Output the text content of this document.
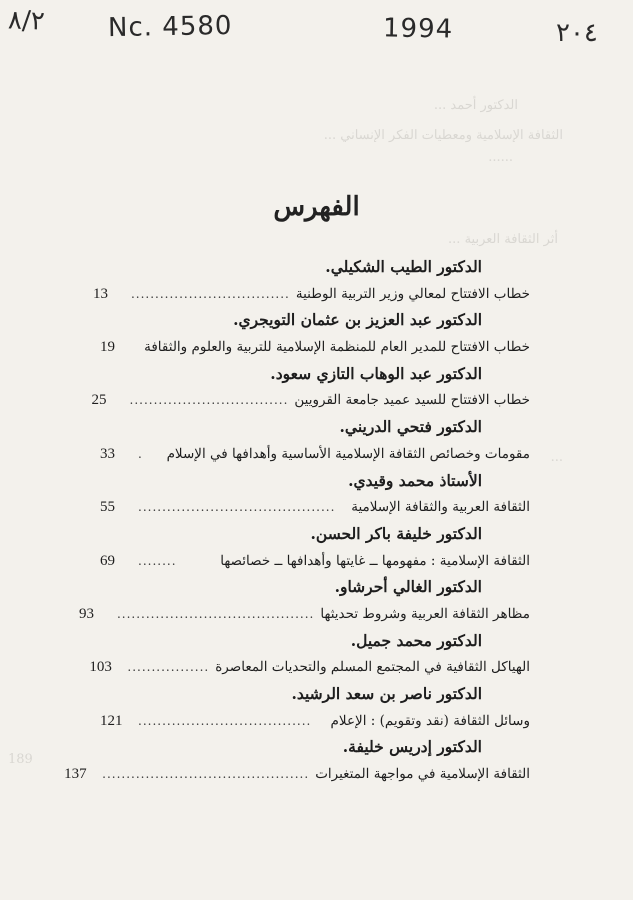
الدكتور أحمد ...
الثقافة الإسلامية ومعطيات الفكر الإنساني ...
......
أثر الثقافة العربية ...
...
189
٨/٢ Nc. 4580	1994	٢٠٤
الفهرس
الدكتور الطيب الشكيلي.
خطاب الافتتاح لمعالي وزير التربية الوطنية
.................................
13
الدكتور عبد العزيز بن عثمان التويجري.
خطاب الافتتاح للمدير العام للمنظمة الإسلامية للتربية والعلوم والثقافة
19
الدكتور عبد الوهاب التازي سعود.
خطاب الافتتاح للسيد عميد جامعة القرويين
.................................
25
الدكتور فتحي الدريني.
مقومات وخصائص الثقافة الإسلامية الأساسية وأهدافها في الإسلام
.
33
الأستاذ محمد وقيدي.
الثقافة العربية والثقافة الإسلامية
.........................................
55
الدكتور خليفة باكر الحسن.
الثقافة الإسلامية : مفهومها ــ غايتها وأهدافها ــ خصائصها
........
69
الدكتور الغالي أحرشاو.
مظاهر الثقافة العربية وشروط تحديثها
.........................................
93
الدكتور محمد جميل.
الهياكل الثقافية في المجتمع المسلم والتحديات المعاصرة
.................
103
الدكتور ناصر بن سعد الرشيد.
وسائل الثقافة (نقد وتقويم) : الإعلام
....................................
121
الدكتور إدريس خليفة.
الثقافة الإسلامية في مواجهة المتغيرات
...........................................
137
